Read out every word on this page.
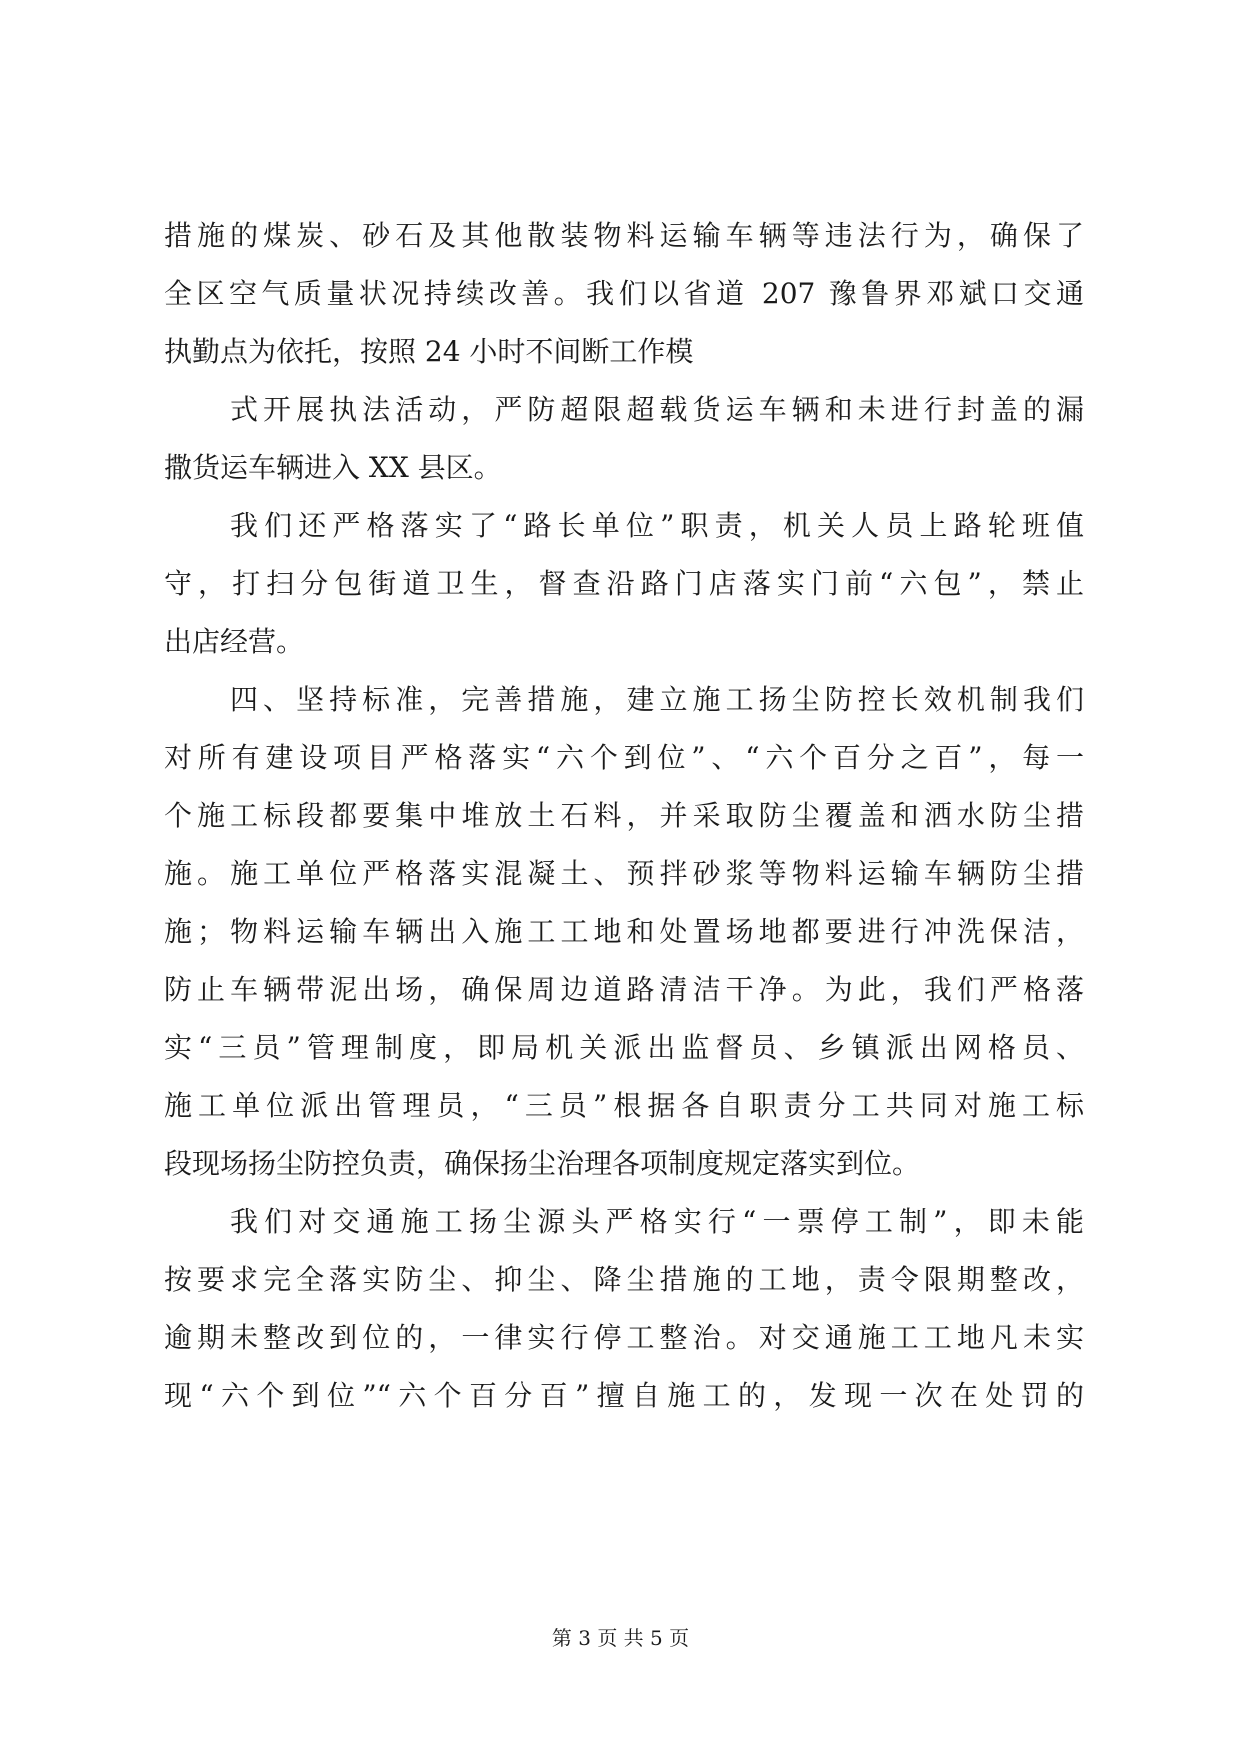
措施的煤炭、砂石及其他散装物料运输车辆等违法行为，确保了
全区空气质量状况持续改善。我们以省道 207 豫鲁界邓斌口交通
执勤点为依托，按照 24 小时不间断工作模
式开展执法活动，严防超限超载货运车辆和未进行封盖的漏
撒货运车辆进入 XX 县区。
我们还严格落实了“路长单位”职责，机关人员上路轮班值
守，打扫分包街道卫生，督查沿路门店落实门前“六包”，禁止
出店经营。
四、坚持标准，完善措施，建立施工扬尘防控长效机制我们
对所有建设项目严格落实“六个到位”、“六个百分之百”，每一
个施工标段都要集中堆放土石料，并采取防尘覆盖和洒水防尘措
施。施工单位严格落实混凝土、预拌砂浆等物料运输车辆防尘措
施；物料运输车辆出入施工工地和处置场地都要进行冲洗保洁，
防止车辆带泥出场，确保周边道路清洁干净。为此，我们严格落
实“三员”管理制度，即局机关派出监督员、乡镇派出网格员、
施工单位派出管理员，“三员”根据各自职责分工共同对施工标
段现场扬尘防控负责，确保扬尘治理各项制度规定落实到位。
我们对交通施工扬尘源头严格实行“一票停工制”，即未能
按要求完全落实防尘、抑尘、降尘措施的工地，责令限期整改，
逾期未整改到位的，一律实行停工整治。对交通施工工地凡未实
现“六个到位”“六个百分百”擅自施工的，发现一次在处罚的
第 3 页 共 5 页
